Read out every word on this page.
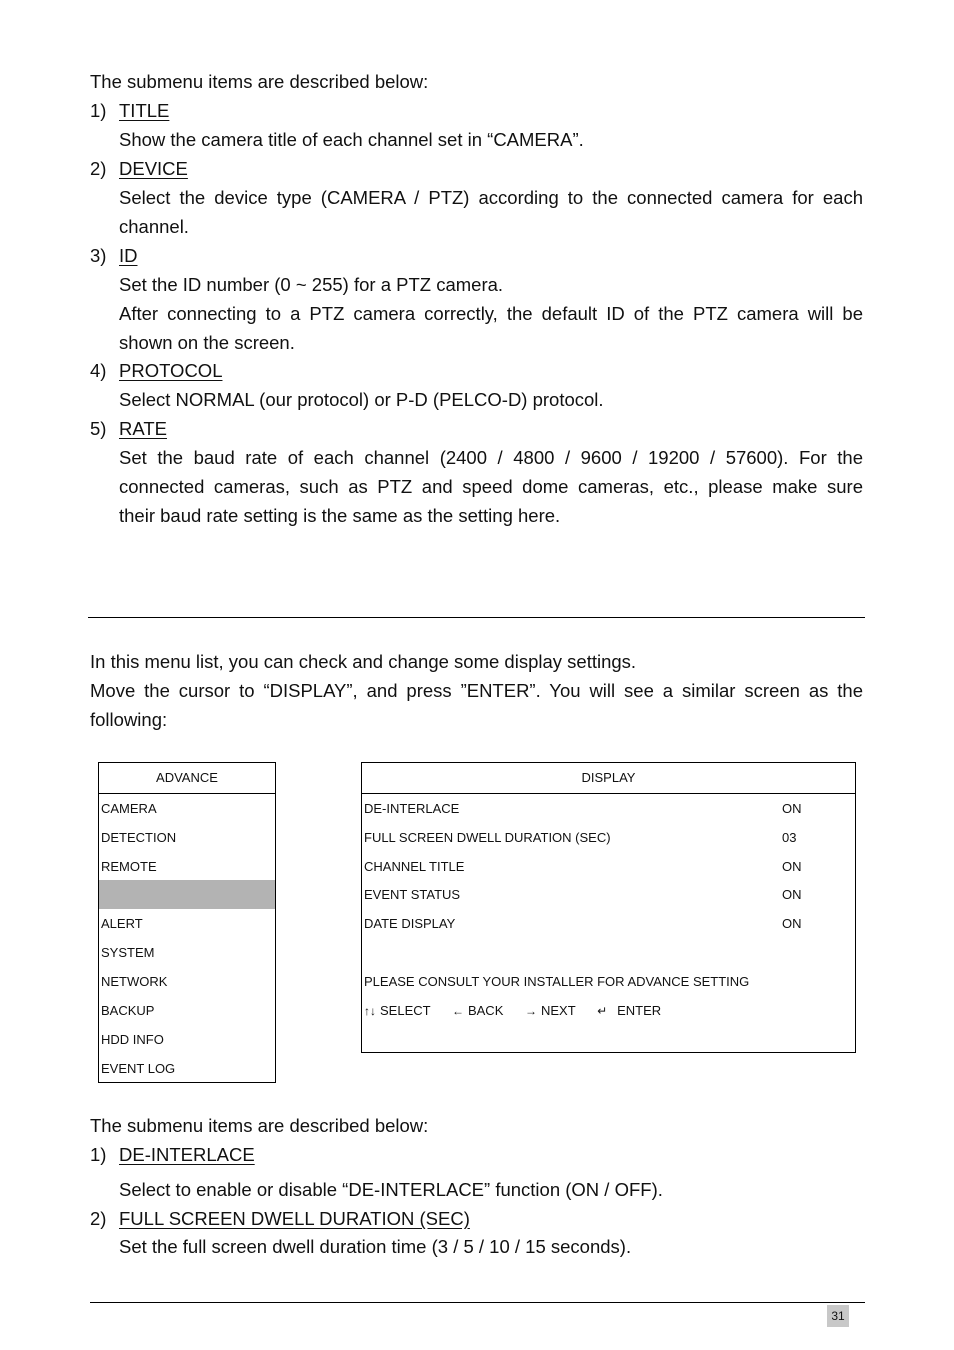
The submenu items are described below:

1) TITLE
Show the camera title of each channel set in “CAMERA”.
2) DEVICE
Select the device type (CAMERA / PTZ) according to the connected camera for each
channel.
3) ID
Set the ID number (0 ~ 255) for a PTZ camera.
After connecting to a PTZ camera correctly, the default ID of the PTZ camera will be
shown on the screen.
4) PROTOCOL
Select NORMAL (our protocol) or P-D (PELCO-D) protocol.
5) RATE
Set the baud rate of each channel (2400 / 4800 / 9600 / 19200 / 57600). For the
connected cameras, such as PTZ and speed dome cameras, etc., please make sure
their baud rate setting is the same as the setting here.

In this menu list, you can check and change some display settings.

Move the cursor to “DISPLAY”, and press ”ENTER”. You will see a similar screen as the

following:

ADVANCE
CAMERA
DETECTION
REMOTE
ALERT
SYSTEM
NETWORK
BACKUP
HDD INFO
EVENT LOG
DISPLAY
DE-INTERLACE	ON
FULL SCREEN DWELL DURATION (SEC)	03
CHANNEL TITLE	ON
EVENT STATUS	ON
DATE DISPLAY	ON
PLEASE CONSULT YOUR INSTALLER FOR ADVANCE SETTING
↑↓ SELECT ← BACK → NEXT ↵ ENTER

The submenu items are described below:

1) DE-INTERLACE
Select to enable or disable “DE-INTERLACE” function (ON / OFF).
2) FULL SCREEN DWELL DURATION (SEC)
Set the full screen dwell duration time (3 / 5 / 10 / 15 seconds).
31
